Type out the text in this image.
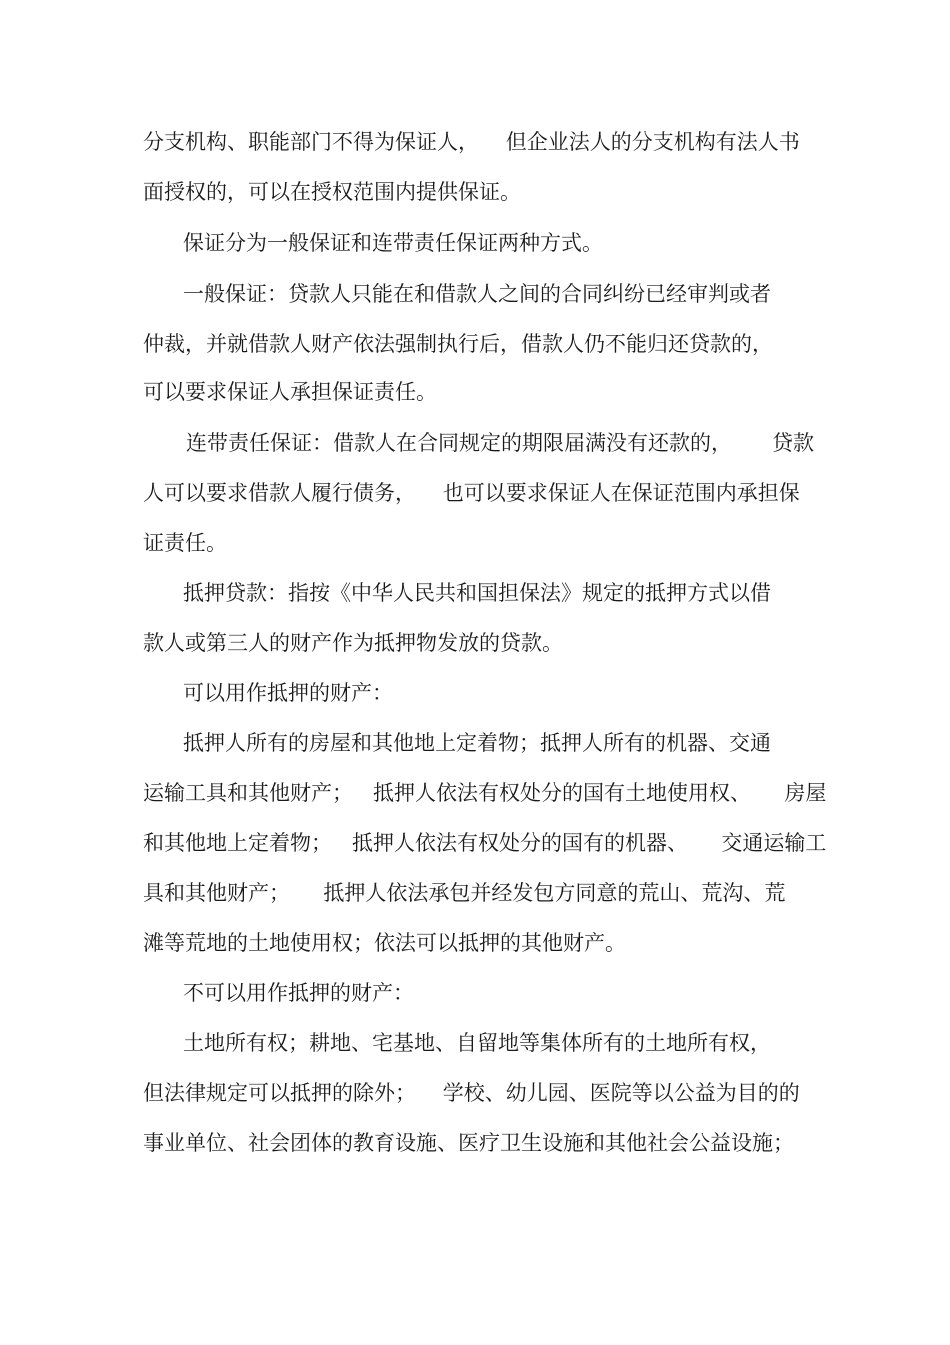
分支机构、职能部门不得为保证人，    但企业法人的分支机构有法人书
面授权的，可以在授权范围内提供保证。
保证分为一般保证和连带责任保证两种方式。
一般保证：贷款人只能在和借款人之间的合同纠纷已经审判或者
仲裁，并就借款人财产依法强制执行后，借款人仍不能归还贷款的，
可以要求保证人承担保证责任。
连带责任保证：借款人在合同规定的期限届满没有还款的，      贷款
人可以要求借款人履行债务，    也可以要求保证人在保证范围内承担保
证责任。
抵押贷款：指按《中华人民共和国担保法》规定的抵押方式以借
款人或第三人的财产作为抵押物发放的贷款。
可以用作抵押的财产：
抵押人所有的房屋和其他地上定着物；抵押人所有的机器、交通
运输工具和其他财产；   抵押人依法有权处分的国有土地使用权、     房屋
和其他地上定着物；   抵押人依法有权处分的国有的机器、     交通运输工
具和其他财产；     抵押人依法承包并经发包方同意的荒山、荒沟、荒
滩等荒地的土地使用权；依法可以抵押的其他财产。
不可以用作抵押的财产：
土地所有权；耕地、宅基地、自留地等集体所有的土地所有权，
但法律规定可以抵押的除外；    学校、幼儿园、医院等以公益为目的的
事业单位、社会团体的教育设施、医疗卫生设施和其他社会公益设施；
